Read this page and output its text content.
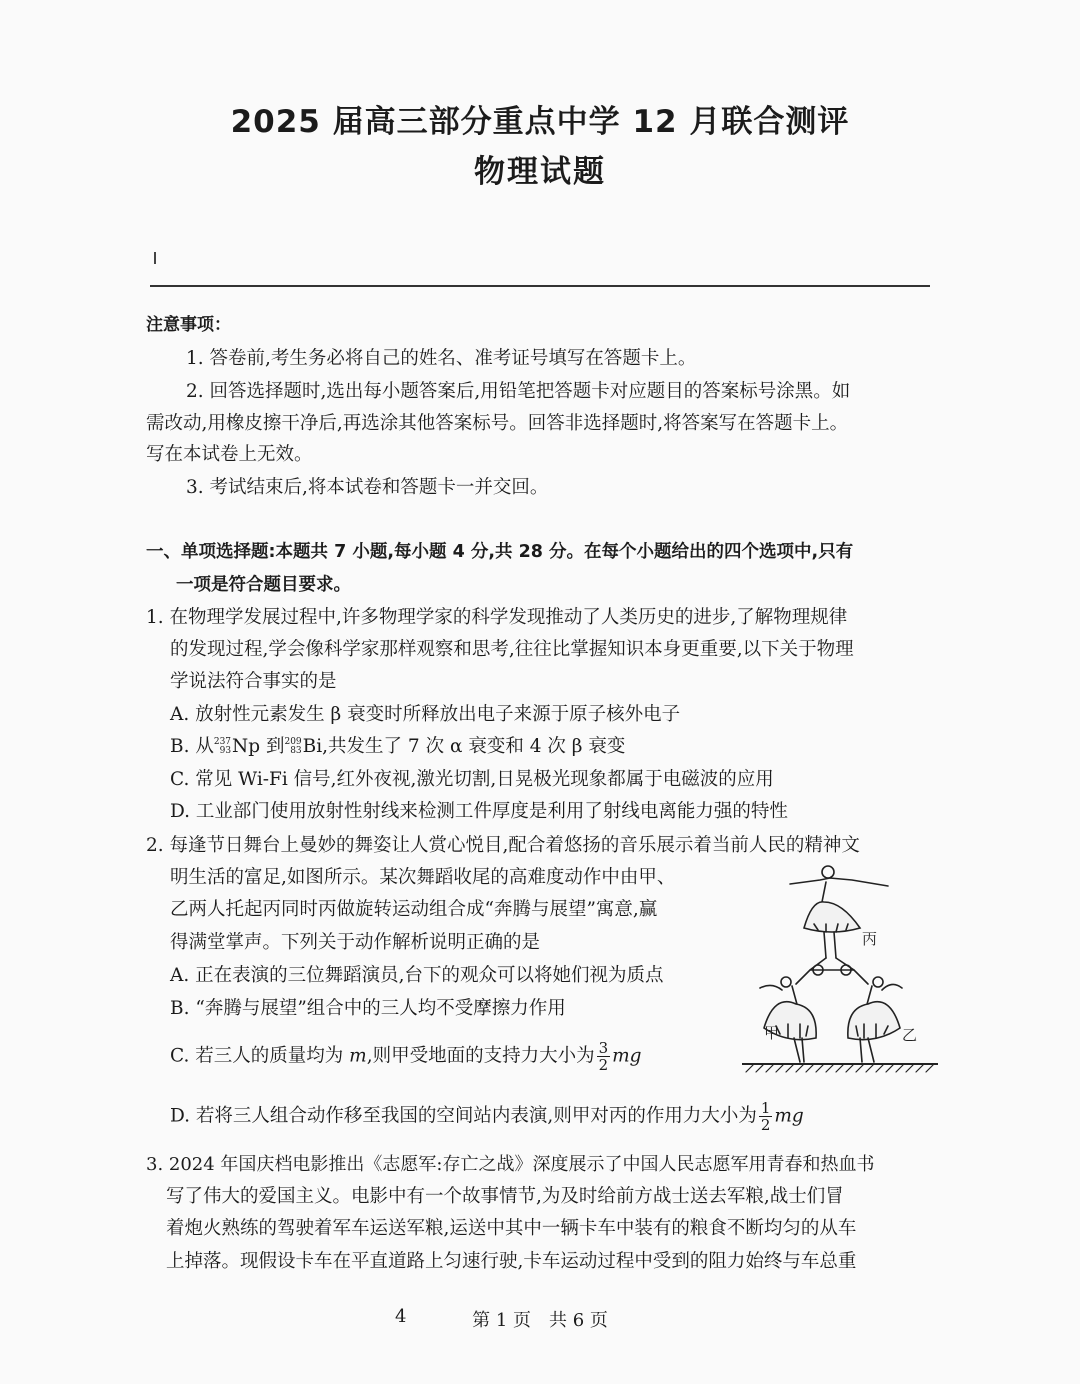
2025 届高三部分重点中学 12 月联合测评
物理试题
注意事项：
1. 答卷前,考生务必将自己的姓名、准考证号填写在答题卡上。
2. 回答选择题时,选出每小题答案后,用铅笔把答题卡对应题目的答案标号涂黑。如
需改动,用橡皮擦干净后,再选涂其他答案标号。回答非选择题时,将答案写在答题卡上。
写在本试卷上无效。
3. 考试结束后,将本试卷和答题卡一并交回。
一、单项选择题:本题共 7 小题,每小题 4 分,共 28 分。在每个小题给出的四个选项中,只有
一项是符合题目要求。
1. 在物理学发展过程中,许多物理学家的科学发现推动了人类历史的进步,了解物理规律
的发现过程,学会像科学家那样观察和思考,往往比掌握知识本身更重要,以下关于物理
学说法符合事实的是
A. 放射性元素发生 β 衰变时所释放出电子来源于原子核外电子
B. 从 237
93 Np 到 209
83 Bi,共发生了 7 次 α 衰变和 4 次 β 衰变
C. 常见 Wi-Fi 信号,红外夜视,激光切割,日晃极光现象都属于电磁波的应用
D. 工业部门使用放射性射线来检测工件厚度是利用了射线电离能力强的特性
2. 每逢节日舞台上曼妙的舞姿让人赏心悦目,配合着悠扬的音乐展示着当前人民的精神文
明生活的富足,如图所示。某次舞蹈收尾的高难度动作中由甲、
乙两人托起丙同时丙做旋转运动组合成“奔腾与展望”寓意,赢
得满堂掌声。下列关于动作解析说明正确的是
A. 正在表演的三位舞蹈演员,台下的观众可以将她们视为质点
B. “奔腾与展望”组合中的三人均不受摩擦力作用
C. 若三人的质量均为 m,则甲受地面的支持力大小为 $\frac{3}{2}$ mg
D. 若将三人组合动作移至我国的空间站内表演,则甲对丙的作用力大小为 $\frac{1}{2}$ mg
丙
甲	乙
3. 2024 年国庆档电影推出《志愿军:存亡之战》深度展示了中国人民志愿军用青春和热血书
写了伟大的爱国主义。电影中有一个故事情节,为及时给前方战士送去军粮,战士们冒
着炮火熟练的驾驶着军车运送军粮,运送中其中一辆卡车中装有的粮食不断均匀的从车
上掉落。现假设卡车在平直道路上匀速行驶,卡车运动过程中受到的阻力始终与车总重
4	第 1 页　共 6 页
